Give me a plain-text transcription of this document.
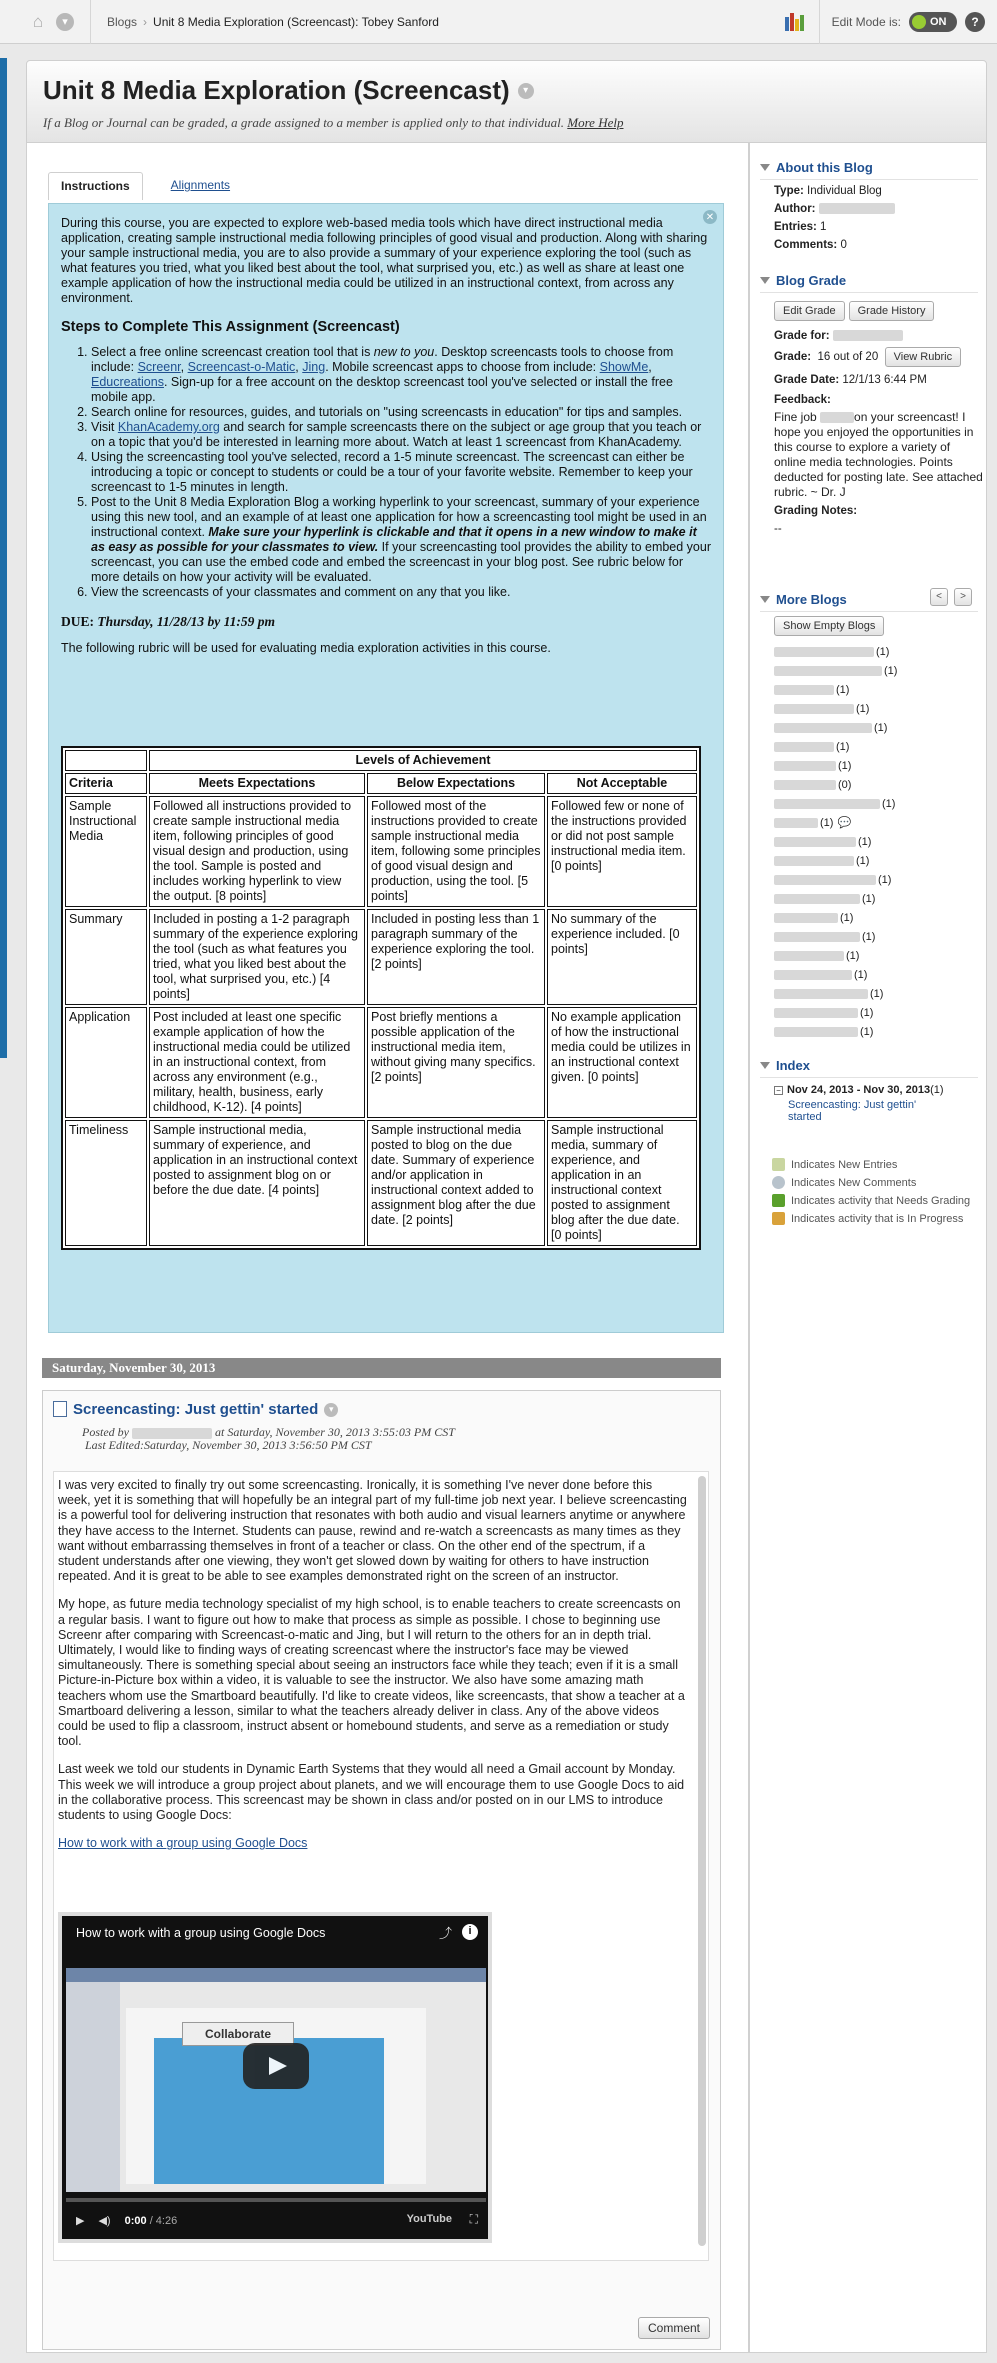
⌂	▾	Blogs › Unit 8 Media Exploration (Screencast): Tobey Sanford	Edit Mode is:	ON	?
Unit 8 Media Exploration (Screencast)	▾
If a Blog or Journal can be graded, a grade assigned to a member is applied only to that individual. More Help
Instructions	Alignments
✕

During this course, you are expected to explore web-based media tools which have direct instructional media application, creating sample instructional media following principles of good visual and production. Along with sharing your sample instructional media, you are to also provide a summary of your experience exploring the tool (such as what features you tried, what you liked best about the tool, what surprised you, etc.) as well as share at least one example application of how the instructional media could be utilized in an instructional context, from across any environment.

Steps to Complete This Assignment (Screencast)
1. Select a free online screencast creation tool that is new to you. Desktop screencasts tools to choose from include: Screenr, Screencast-o-Matic, Jing. Mobile screencast apps to choose from include: ShowMe, Educreations. Sign-up for a free account on the desktop screencast tool you've selected or install the free mobile app.
2. Search online for resources, guides, and tutorials on "using screencasts in education" for tips and samples.
3. Visit KhanAcademy.org and search for sample screencasts there on the subject or age group that you teach or on a topic that you'd be interested in learning more about. Watch at least 1 screencast from KhanAcademy.
4. Using the screencasting tool you've selected, record a 1-5 minute screencast. The screencast can either be introducing a topic or concept to students or could be a tour of your favorite website. Remember to keep your screencast to 1-5 minutes in length.
5. Post to the Unit 8 Media Exploration Blog a working hyperlink to your screencast, summary of your experience using this new tool, and an example of at least one application for how a screencasting tool might be used in an instructional context. Make sure your hyperlink is clickable and that it opens in a new window to make it as easy as possible for your classmates to view. If your screencasting tool provides the ability to embed your screencast, you can use the embed code and embed the screencast in your blog post. See rubric below for more details on how your activity will be evaluated.
6. View the screencasts of your classmates and comment on any that you like.

DUE: Thursday, 11/28/13 by 11:59 pm

The following rubric will be used for evaluating media exploration activities in this course.

	Levels of Achievement		
Criteria	Meets Expectations	Below Expectations	Not Acceptable
Sample Instructional Media	Followed all instructions provided to create sample instructional media item, following principles of good visual design and production, using the tool. Sample is posted and includes working hyperlink to view the output. [8 points]	Followed most of the instructions provided to create sample instructional media item, following some principles of good visual design and production, using the tool. [5 points]	Followed few or none of the instructions provided or did not post sample instructional media item. [0 points]
Summary	Included in posting a 1-2 paragraph summary of the experience exploring the tool (such as what features you tried, what you liked best about the tool, what surprised you, etc.) [4 points]	Included in posting less than 1 paragraph summary of the experience exploring the tool. [2 points]	No summary of the experience included. [0 points]
Application	Post included at least one specific example application of how the instructional media could be utilized in an instructional context, from across any environment (e.g., military, health, business, early childhood, K-12). [4 points]	Post briefly mentions a possible application of the instructional media item, without giving many specifics. [2 points]	No example application of how the instructional media could be utilizes in an instructional context given. [0 points]
Timeliness	Sample instructional media, summary of experience, and application in an instructional context posted to assignment blog on or before the due date. [4 points]	Sample instructional media posted to blog on the due date. Summary of experience and/or application in instructional context added to assignment blog after the due date. [2 points]	Sample instructional media, summary of experience, and application in an instructional context posted to assignment blog after the due date. [0 points]
Saturday, November 30, 2013
Screencasting: Just gettin' started	▾
Posted by	at Saturday, November 30, 2013 3:55:03 PM CST
Last Edited:Saturday, November 30, 2013 3:56:50 PM CST

I was very excited to finally try out some screencasting. Ironically, it is something I've never done before this week, yet it is something that will hopefully be an integral part of my full-time job next year. I believe screencasting is a powerful tool for delivering instruction that resonates with both audio and visual learners anytime or anywhere they have access to the Internet. Students can pause, rewind and re-watch a screencasts as many times as they want without embarrassing themselves in front of a teacher or class. On the other end of the spectrum, if a student understands after one viewing, they won't get slowed down by waiting for others to have instruction repeated. And it is great to be able to see examples demonstrated right on the screen of an instructor.

My hope, as future media technology specialist of my high school, is to enable teachers to create screencasts on a regular basis. I want to figure out how to make that process as simple as possible. I chose to beginning use Screenr after comparing with Screencast-o-matic and Jing, but I will return to the others for an in depth trial. Ultimately, I would like to finding ways of creating screencast where the instructor's face may be viewed simultaneously. There is something special about seeing an instructors face while they teach; even if it is a small Picture-in-Picture box within a video, it is valuable to see the instructor. We also have some amazing math teachers whom use the Smartboard beautifully. I'd like to create videos, like screencasts, that show a teacher at a Smartboard delivering a lesson, similar to what the teachers already deliver in class. Any of the above videos could be used to flip a classroom, instruct absent or homebound students, and serve as a remediation or study tool.

Last week we told our students in Dynamic Earth Systems that they would all need a Gmail account by Monday. This week we will introduce a group project about planets, and we will encourage them to use Google Docs to aid in the collaborative process. This screencast may be shown in class and/or posted on in our LMS to introduce students to using Google Docs:

How to work with a group using Google Docs

How to work with a group using Google Docs	⤴	i
Collaborate
▶ ◀) 0:00 / 4:26	YouTube ⛶
Comment
About this Blog
Type: Individual Blog
Author:
Entries: 1
Comments: 0
Blog Grade
Edit Grade	Grade History
Grade for:
Grade:
16 out of 20
	View Rubric
Grade Date: 12/1/13 6:44 PM
Feedback:
Fine job	on your screencast! I hope you enjoyed the opportunities in this course to explore a variety of online media technologies. Points deducted for posting late. See attached rubric. ~ Dr. J
Grading Notes:
--
More Blogs	<	>
Show Empty Blogs
(1)
(1)
(1)
(1)
(1)
(1)
(1)
(0)
(1)
(1) 💬
(1)
(1)
(1)
(1)
(1)
(1)
(1)
(1)
(1)
(1)
(1)
Index
− Nov 24, 2013 - Nov 30, 2013 (1)
Screencasting: Just gettin' started
Indicates New Entries
Indicates New Comments
Indicates activity that Needs Grading
Indicates activity that is In Progress
